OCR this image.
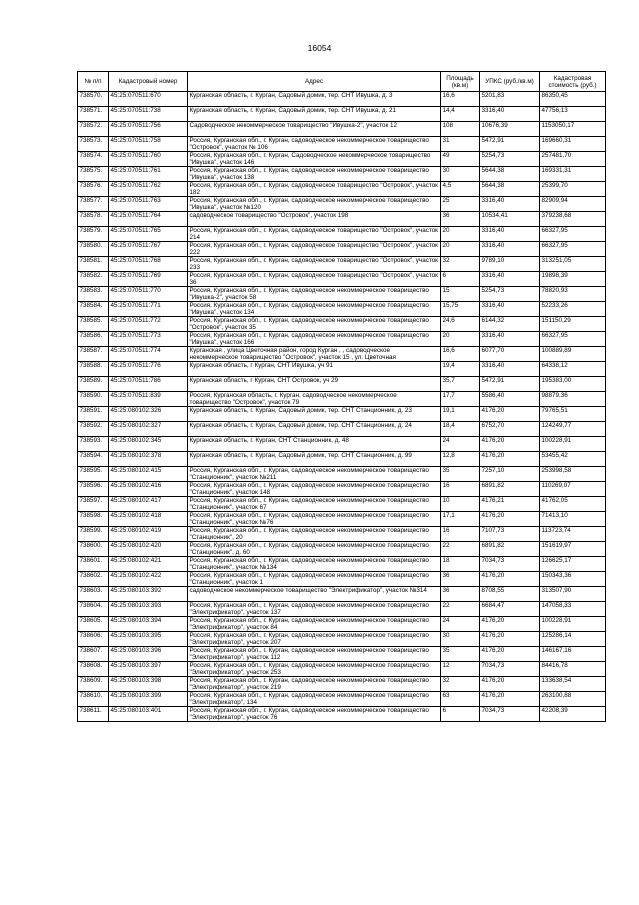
16054
№ п/п	Кадастровый номер	Адрес	Площадь (кв.м)	УПКС (руб./кв.м)	Кадастровая стоимость (руб.)
738570.	45:25:070511:670	Курганская область, г. Курган, Садовый домик, тер. СНТ Ивушка, д. 3	16,6	5201,83	86350,45
738571.	45:25:070511:738	Курганская область, г. Курган, Садовый домик, тер. СНТ Ивушка, д. 21	14,4	3316,40	47756,13
738572.	45:25:070511:756	Садоводческое некоммерческое товарищество "Ивушка-2", участок 12	108	10676,39	1153050,17
738573.	45:25:070511:758	Россия, Курганская обл., г. Курган, садоводческое некоммерческое товарищество "Островок", участок № 106	31	5472,91	169660,31
738574.	45:25:070511:760	Россия, Курганская обл., г. Курган, Садоводческое некоммерческое товарищество "Ивушка", участок 146	49	5254,73	257481,70
738575.	45:25:070511:761	Россия, Курганская обл., г. Курган, садоводческое некоммерческое товарищество "Ивушка", участок 138	30	5644,38	169331,31
738576.	45:25:070511:762	Россия, Курганская обл., г. Курган, садоводческое товарищество "Островок", участок 182	4,5	5644,38	25399,70
738577.	45:25:070511:763	Россия, Курганская обл., г. Курган, садоводческое некоммерческое товарищество "Ивушка", участок №120	25	3316,40	82909,94
738578.	45:25:070511:764	садоводческое товарищество "Островок", участок 198	36	10534,41	379238,68
738579.	45:25:070511:765	Россия, Курганская обл., г. Курган, садоводческое товарищество "Островок", участок 214	20	3316,40	66327,95
738580.	45:25:070511:767	Россия, Курганская обл., г. Курган, садоводческое товарищество "Островок", участок 222	20	3316,40	66327,95
738581.	45:25:070511:768	Россия, Курганская обл., г. Курган, садоводческое товарищество "Островок", участок 233	32	9789,10	313251,05
738582.	45:25:070511:769	Россия, Курганская обл., г. Курган, садоводческое товарищество "Островок", участок 36	6	3316,40	19898,39
738583.	45:25:070511:770	Россия, Курганская обл., г. Курган, садоводческое некоммерческое товарищество "Ивушка-2", участок 58	15	5254,73	78820,93
738584.	45:25:070511:771	Россия, Курганская обл., г. Курган, садоводческое некоммерческое товарищество "Ивушка", участок 134	15,75	3316,40	52233,26
738585.	45:25:070511:772	Россия, Курганская обл., г. Курган, садоводческое некоммерческое товарищество "Островок", участок 35	24,6	6144,32	151150,29
738586.	45:25:070511:773	Россия, Курганская обл., г. Курган, садоводческое некоммерческое товарищество "Ивушка", участок 166	20	3316,40	66327,95
738587.	45:25:070511:774	Курганская , улица Цветочная район, город Курган , , садоводческое некоммерческое товарищество "Островок", участок 15 , ул. Цветочная	16,6	6077,70	100889,89
738588.	45:25:070511:776	Курганская область, г Курган, СНТ Ивушка, уч 91	19,4	3316,40	64338,12
738589.	45:25:070511:786	Курганская область, г Курган, СНТ Островок, уч 29	35,7	5472,91	195383,00
738590.	45:25:070511:839	Россия, Курганская область, г. Курган, садоводческое некоммерческое товарищество "Островок", участок 79	17,7	5586,40	98879,36
738591.	45:25:080102:326	Курганская область, г. Курган, Садовый домик, тер. СНТ Станционник, д. 23	19,1	4176,20	79765,51
738592.	45:25:080102:327	Курганская область, г. Курган, Садовый домик, тер. СНТ Станционник, д. 24	18,4	6752,70	124249,77
738593.	45:25:080102:345	Курганская область, г. Курган, СНТ Станционник, д. 48	24	4176,20	100228,91
738594.	45:25:080102:378	Курганская область, г. Курган, Садовый домик, тер. СНТ Станционник, д. 99	12,8	4176,20	53455,42
738595.	45:25:080102:415	Россия, Курганская обл., г. Курган, садоводческое некоммерческое товарищество "Станционник", участок №211	35	7257,10	253998,58
738596.	45:25:080102:416	Россия, Курганская обл., г. Курган, садоводческое некоммерческое товарищество "Станционник", участок 148	16	6891,82	110269,07
738597.	45:25:080102:417	Россия, Курганская обл., г. Курган, садоводческое некоммерческое товарищество "Станционник", участок 67	10	4176,21	41762,05
738598.	45:25:080102:418	Россия, Курганская обл., г. Курган, садоводческое некоммерческое товарищество "Станционник", участок №76	17,1	4176,20	71413,10
738599.	45:25:080102:419	Россия, Курганская обл., г. Курган, садоводческое некоммерческое товарищество "Станционник", 20	16	7107,73	113723,74
738600.	45:25:080102:420	Россия, Курганская обл., г. Курган, садоводческое некоммерческое товарищество "Станционник", д. 60	22	6891,82	151619,97
738601.	45:25:080102:421	Россия, Курганская обл., г. Курган, садоводческое некоммерческое товарищество "Станционник", участок №134	18	7034,73	126625,17
738602.	45:25:080102:422	Россия, Курганская обл., г. Курган, садоводческое некоммерческое товарищество "Станционник", участок 1	36	4176,20	150343,36
738603.	45:25:080103:392	садоводческое некоммерческое товарищество "Электрификатор", участок №314	36	8708,55	313507,90
738604.	45:25:080103:393	Россия, Курганская обл., г. Курган, садоводческое некоммерческое товарищество "Электрификатор", участок 137	22	6684,47	147058,33
738605.	45:25:080103:394	Россия, Курганская обл., г. Курган, садоводческое некоммерческое товарищество "Электрификатор", участок 84	24	4176,20	100228,91
738606.	45:25:080103:395	Россия, Курганская обл., г. Курган, садоводческое некоммерческое товарищество "Электрификатор", участок 207	30	4176,20	125286,14
738607.	45:25:080103:396	Россия, Курганская обл., г. Курган, садоводческое некоммерческое товарищество "Электрификатор", участок 112	35	4176,20	146167,16
738608.	45:25:080103:397	Россия, Курганская обл., г. Курган, садоводческое некоммерческое товарищество "Электрификатор", участок 253	12	7034,73	84416,78
738609.	45:25:080103:398	Россия, Курганская обл., г. Курган, садоводческое некоммерческое товарищество "Электрификатор", участок 219	32	4176,20	133638,54
738610.	45:25:080103:399	Россия, Курганская обл., г. Курган, садоводческое некоммерческое товарищество "Электрификатор", 134	63	4176,20	263100,88
738611.	45:25:080103:401	Россия, Курганская обл., г. Курган, садоводческое некоммерческое товарищество "Электрификатор", участок 76	6	7034,73	42208,39
